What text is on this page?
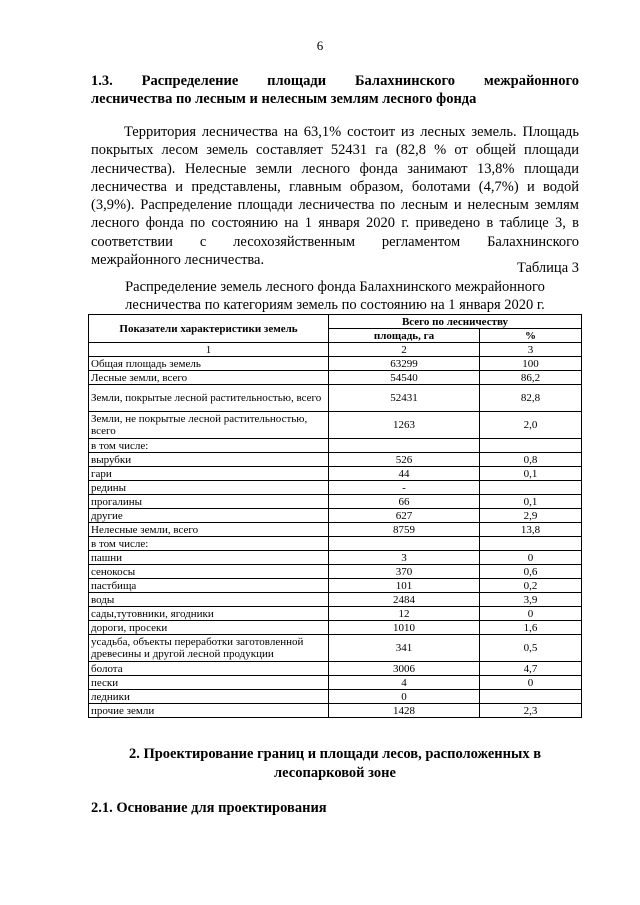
6
1.3. Распределение площади Балахнинского межрайонного
лесничества по лесным и нелесным землям лесного фонда
Территория лесничества на 63,1% состоит из лесных земель. Площадь
покрытых лесом земель составляет 52431 га (82,8 % от общей площади
лесничества). Нелесные земли лесного фонда занимают 13,8% площади
лесничества и представлены, главным образом, болотами (4,7%) и водой
(3,9%). Распределение площади лесничества по лесным и нелесным землям
лесного фонда по состоянию на 1 января 2020 г. приведено в таблице 3, в
соответствии с лесохозяйственным регламентом Балахнинского
межрайонного лесничества.	Таблица 3
Распределение земель лесного фонда Балахнинского межрайонного
лесничества по категориям земель по состоянию на 1 января 2020 г.
Показатели характеристики земель	Всего по лесничеству	
	площадь, га	%
1	2	3
Общая площадь земель	63299	100
Лесные земли, всего	54540	86,2
Земли, покрытые лесной растительностью, всего	52431	82,8
Земли, не покрытые лесной растительностью, всего	1263	2,0
в том числе:		
вырубки	526	0,8
гари	44	0,1
редины	-	
прогалины	66	0,1
другие	627	2,9
Нелесные земли, всего	8759	13,8
в том числе:		
пашни	3	0
сенокосы	370	0,6
пастбища	101	0,2
воды	2484	3,9
сады,тутовники, ягодники	12	0
дороги, просеки	1010	1,6
усадьба, объекты переработки заготовленной древесины и другой лесной продукции	341	0,5
болота	3006	4,7
пески	4	0
ледники	0	
прочие земли	1428	2,3
2. Проектирование границ и площади лесов, расположенных в
лесопарковой зоне
2.1. Основание для проектирования
